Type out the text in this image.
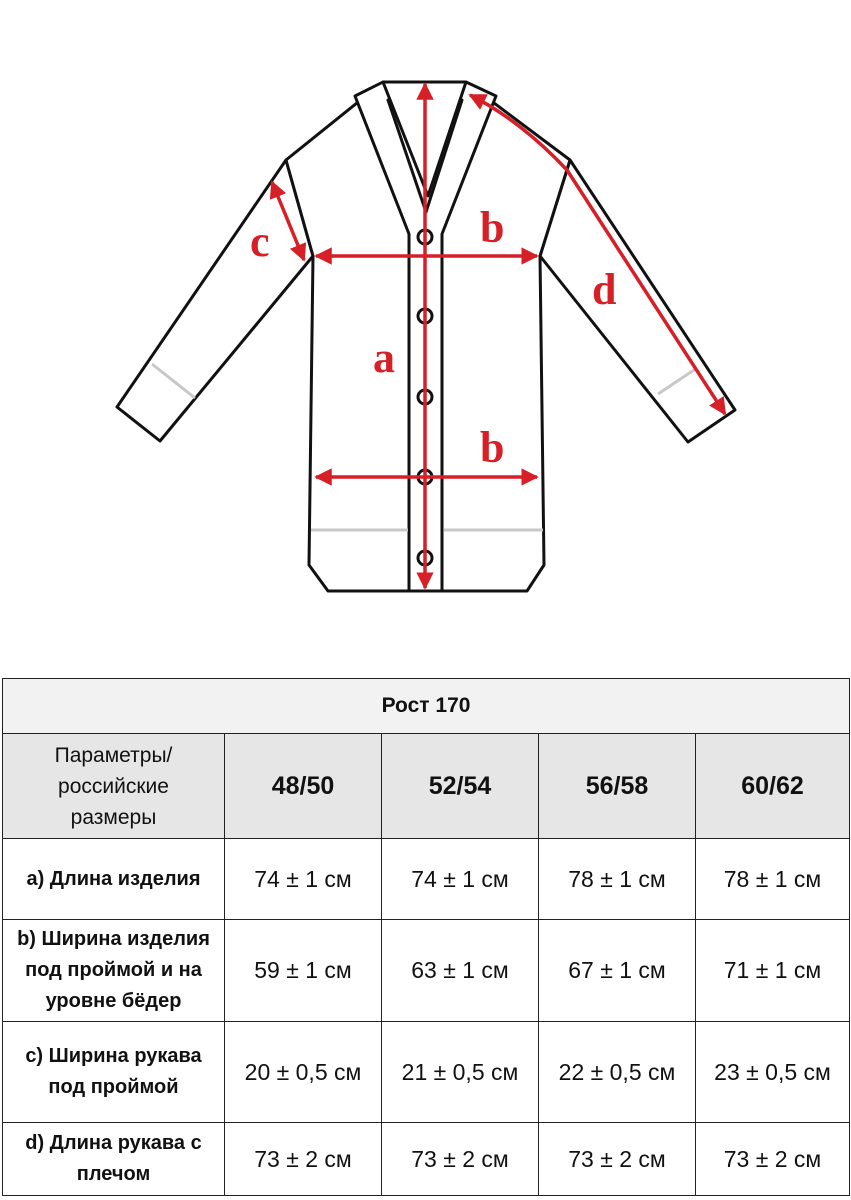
a
b
b
c
d
Рост 170				

Параметры/
российские
размеры	48/50	52/54	56/58	60/62

a) Длина изделия	74 ± 1 см	74 ± 1 см	78 ± 1 см	78 ± 1 см

b) Ширина изделия
под проймой и на
уровне бёдер	59 ± 1 см	63 ± 1 см	67 ± 1 см	71 ± 1 см

c) Ширина рукава
под проймой	20 ± 0,5 см	21 ± 0,5 см	22 ± 0,5 см	23 ± 0,5 см

d) Длина рукава с
плечом	73 ± 2 см	73 ± 2 см	73 ± 2 см	73 ± 2 см
